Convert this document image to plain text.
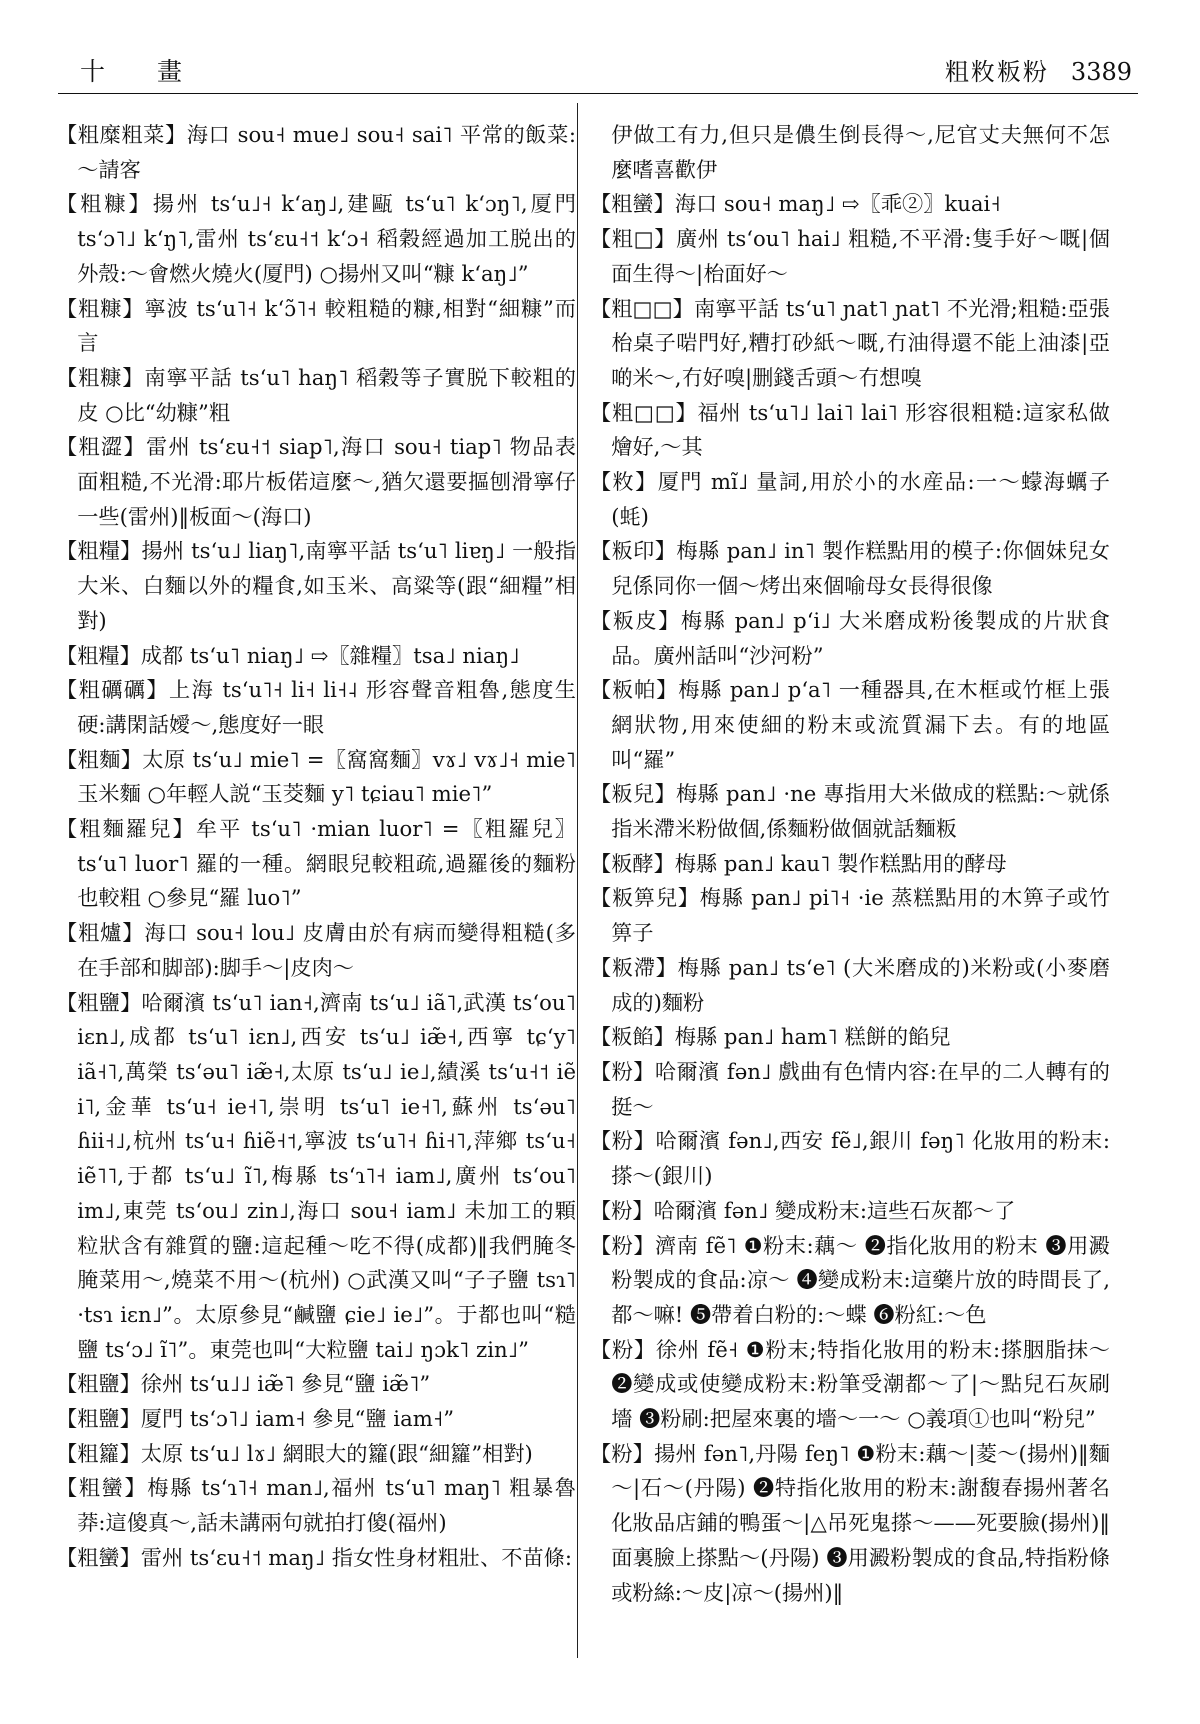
十 畫	粗敉粄粉 3389

【粗糜粗菜】海口 sou˧ mue˩ sou˧ sai˥ 平常的飯菜:～請客

【粗糠】揚州 tsʻu˩˧ kʻaŋ˩,建甌 tsʻu˥ kʻɔŋ˥,厦門 tsʻɔ˥˩ kʻŋ˥,雷州 tsʻɛu˧˦ kʻɔ˧ 稻穀經過加工脱出的外殼:～會燃火燒火(厦門) ○揚州又叫“糠 kʻaŋ˩”

【粗糠】寧波 tsʻu˥˧ kʻɔ̃˥˧ 較粗糙的糠,相對“細糠”而言

【粗糠】南寧平話 tsʻu˥ haŋ˥ 稻穀等子實脱下較粗的皮 ○比“幼糠”粗

【粗澀】雷州 tsʻɛu˧˦ siap˥,海口 sou˧ tiap˥ 物品表面粗糙,不光滑:耶片板偌這麼～,猶欠還要摳刨滑寧仔一些(雷州)‖板面～(海口)

【粗糧】揚州 tsʻu˩ liaŋ˥,南寧平話 tsʻu˥ liɐŋ˩ 一般指大米、白麵以外的糧食,如玉米、高粱等(跟“細糧”相對)

【粗糧】成都 tsʻu˥ niaŋ˩ ⇨〖雜糧〗tsa˩ niaŋ˩

【粗礪礪】上海 tsʻu˥˧ li˧ li˧˨ 形容聲音粗魯,態度生硬:講閑話嬡～,態度好一眼

【粗麵】太原 tsʻu˩ mie˥ =〖窩窩麵〗vɤ˩ vɤ˩˧ mie˥ 玉米麵 ○年輕人説“玉茭麵 y˥ tɕiau˥ mie˥”

【粗麵羅兒】牟平 tsʻu˥ ·mian luor˥ =〖粗羅兒〗tsʻu˥ luor˥ 羅的一種。網眼兒較粗疏,過羅後的麵粉也較粗 ○參見“羅 luo˥”

【粗爐】海口 sou˧ lou˩ 皮膚由於有病而變得粗糙(多在手部和脚部):脚手～|皮肉～

【粗鹽】哈爾濱 tsʻu˥ ian˧,濟南 tsʻu˩ iã˥,武漢 tsʻou˥ iɛn˩,成都 tsʻu˥ iɛn˩,西安 tsʻu˩ iæ̃˧,西寧 tɕʻy˥ iã˧˥,萬榮 tsʻəu˥ iæ̃˧,太原 tsʻu˩ ie˩,績溪 tsʻu˧˦ iẽ i˥,金華 tsʻu˧ ie˧˥,崇明 tsʻu˥ ie˧˥,蘇州 tsʻəu˥ ɦii˧˩,杭州 tsʻu˧ ɦiẽ˧˦,寧波 tsʻu˥˧ ɦi˧˥,萍鄉 tsʻu˧ iẽ˥˥,于都 tsʻu˩ ĩ˥,梅縣 tsʻɿ˥˧ iam˩,廣州 tsʻou˥ im˩,東莞 tsʻou˩ zin˩,海口 sou˧ iam˩ 未加工的顆粒狀含有雜質的鹽:這起種～吃不得(成都)‖我們腌冬腌菜用～,燒菜不用～(杭州) ○武漢又叫“子子鹽 tsɿ˥ ·tsɿ iɛn˩”。太原參見“鹹鹽 ɕie˩ ie˩”。于都也叫“糙鹽 tsʻɔ˩ ĩ˥”。東莞也叫“大粒鹽 tai˩ ŋɔk˥ zin˩”

【粗鹽】徐州 tsʻu˩˩ iæ̃˥ 參見“鹽 iæ̃˥”

【粗鹽】厦門 tsʻɔ˥˩ iam˧ 參見“鹽 iam˧”

【粗籮】太原 tsʻu˩ lɤ˩ 網眼大的籮(跟“細籮”相對)

【粗蠻】梅縣 tsʻɿ˥˧ man˩,福州 tsʻu˥ maŋ˥ 粗暴魯莽:這傻真～,話未講兩句就拍打傻(福州)

【粗蠻】雷州 tsʻɛu˧˦ maŋ˩ 指女性身材粗壯、不苗條:

伊做工有力,但只是儂生倒長得～,尼官丈夫無何不怎麼嗜喜歡伊

【粗蠻】海口 sou˧ maŋ˩ ⇨〖乖②〗kuai˧

【粗□】廣州 tsʻou˥ hai˩ 粗糙,不平滑:隻手好～嘅|個面生得～|枱面好～

【粗□□】南寧平話 tsʻu˥ ɲat˥ ɲat˥ 不光滑;粗糙:亞張枱桌子啱門好,糟打砂紙～嘅,冇油得還不能上油漆|亞啲米～,冇好嗅|删錢舌頭～冇想嗅

【粗□□】福州 tsʻu˥˩ lai˥ lai˥ 形容很粗糙:這家私做燴好,～其

【敉】厦門 mĩ˩ 量詞,用於小的水産品:一～蠓海蠣子(蚝)

【粄印】梅縣 pan˩ in˥ 製作糕點用的模子:你個妹兒女兒係同你一個～烤出來個喻母女長得很像

【粄皮】梅縣 pan˩ pʻi˩ 大米磨成粉後製成的片狀食品。廣州話叫“沙河粉”

【粄帕】梅縣 pan˩ pʻa˥ 一種器具,在木框或竹框上張網狀物,用來使細的粉末或流質漏下去。有的地區叫“羅”

【粄兒】梅縣 pan˩ ·ne 專指用大米做成的糕點:～就係指米滯米粉做個,係麵粉做個就話麵粄

【粄酵】梅縣 pan˩ kau˥ 製作糕點用的酵母

【粄箅兒】梅縣 pan˩ pi˥˧ ·ie 蒸糕點用的木箅子或竹箅子

【粄滯】梅縣 pan˩ tsʻe˥ (大米磨成的)米粉或(小麥磨成的)麵粉

【粄餡】梅縣 pan˩ ham˥ 糕餅的餡兒

【粉】哈爾濱 fən˩ 戲曲有色情内容:在早的二人轉有的挺～

【粉】哈爾濱 fən˩,西安 fẽ˩,銀川 fəŋ˥ 化妝用的粉末:搽～(銀川)

【粉】哈爾濱 fən˩ 變成粉末:這些石灰都～了

【粉】濟南 fẽ˥ ❶粉末:藕～ ❷指化妝用的粉末 ❸用澱粉製成的食品:凉～ ❹變成粉末:這藥片放的時間長了,都～嘛! ❺帶着白粉的:～蝶 ❻粉紅:～色

【粉】徐州 fẽ˧ ❶粉末;特指化妝用的粉末:搽胭脂抹～ ❷變成或使變成粉末:粉筆受潮都～了|～點兒石灰刷墻 ❸粉刷:把屋來裏的墻～一～ ○義項①也叫“粉兒”

【粉】揚州 fən˥,丹陽 feŋ˥ ❶粉末:藕～|菱～(揚州)‖麵～|石～(丹陽) ❷特指化妝用的粉末:謝馥春揚州著名化妝品店鋪的鴨蛋～|△吊死鬼搽～——死要臉(揚州)‖面裏臉上搽點～(丹陽) ❸用澱粉製成的食品,特指粉條或粉絲:～皮|凉～(揚州)‖
